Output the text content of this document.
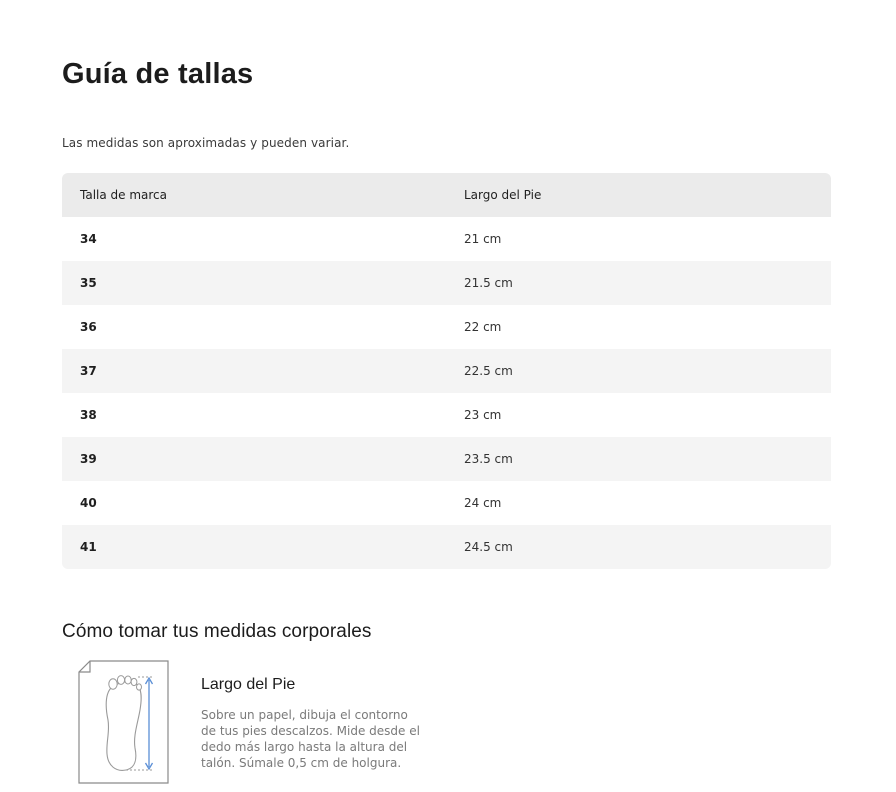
Guía de tallas
Las medidas son aproximadas y pueden variar.
Talla de marca	Largo del Pie
34	21 cm
35	21.5 cm
36	22 cm
37	22.5 cm
38	23 cm
39	23.5 cm
40	24 cm
41	24.5 cm
Cómo tomar tus medidas corporales
Largo del Pie

Sobre un papel, dibuja el contorno de tus pies descalzos. Mide desde el dedo más largo hasta la altura del talón. Súmale 0,5 cm de holgura.
